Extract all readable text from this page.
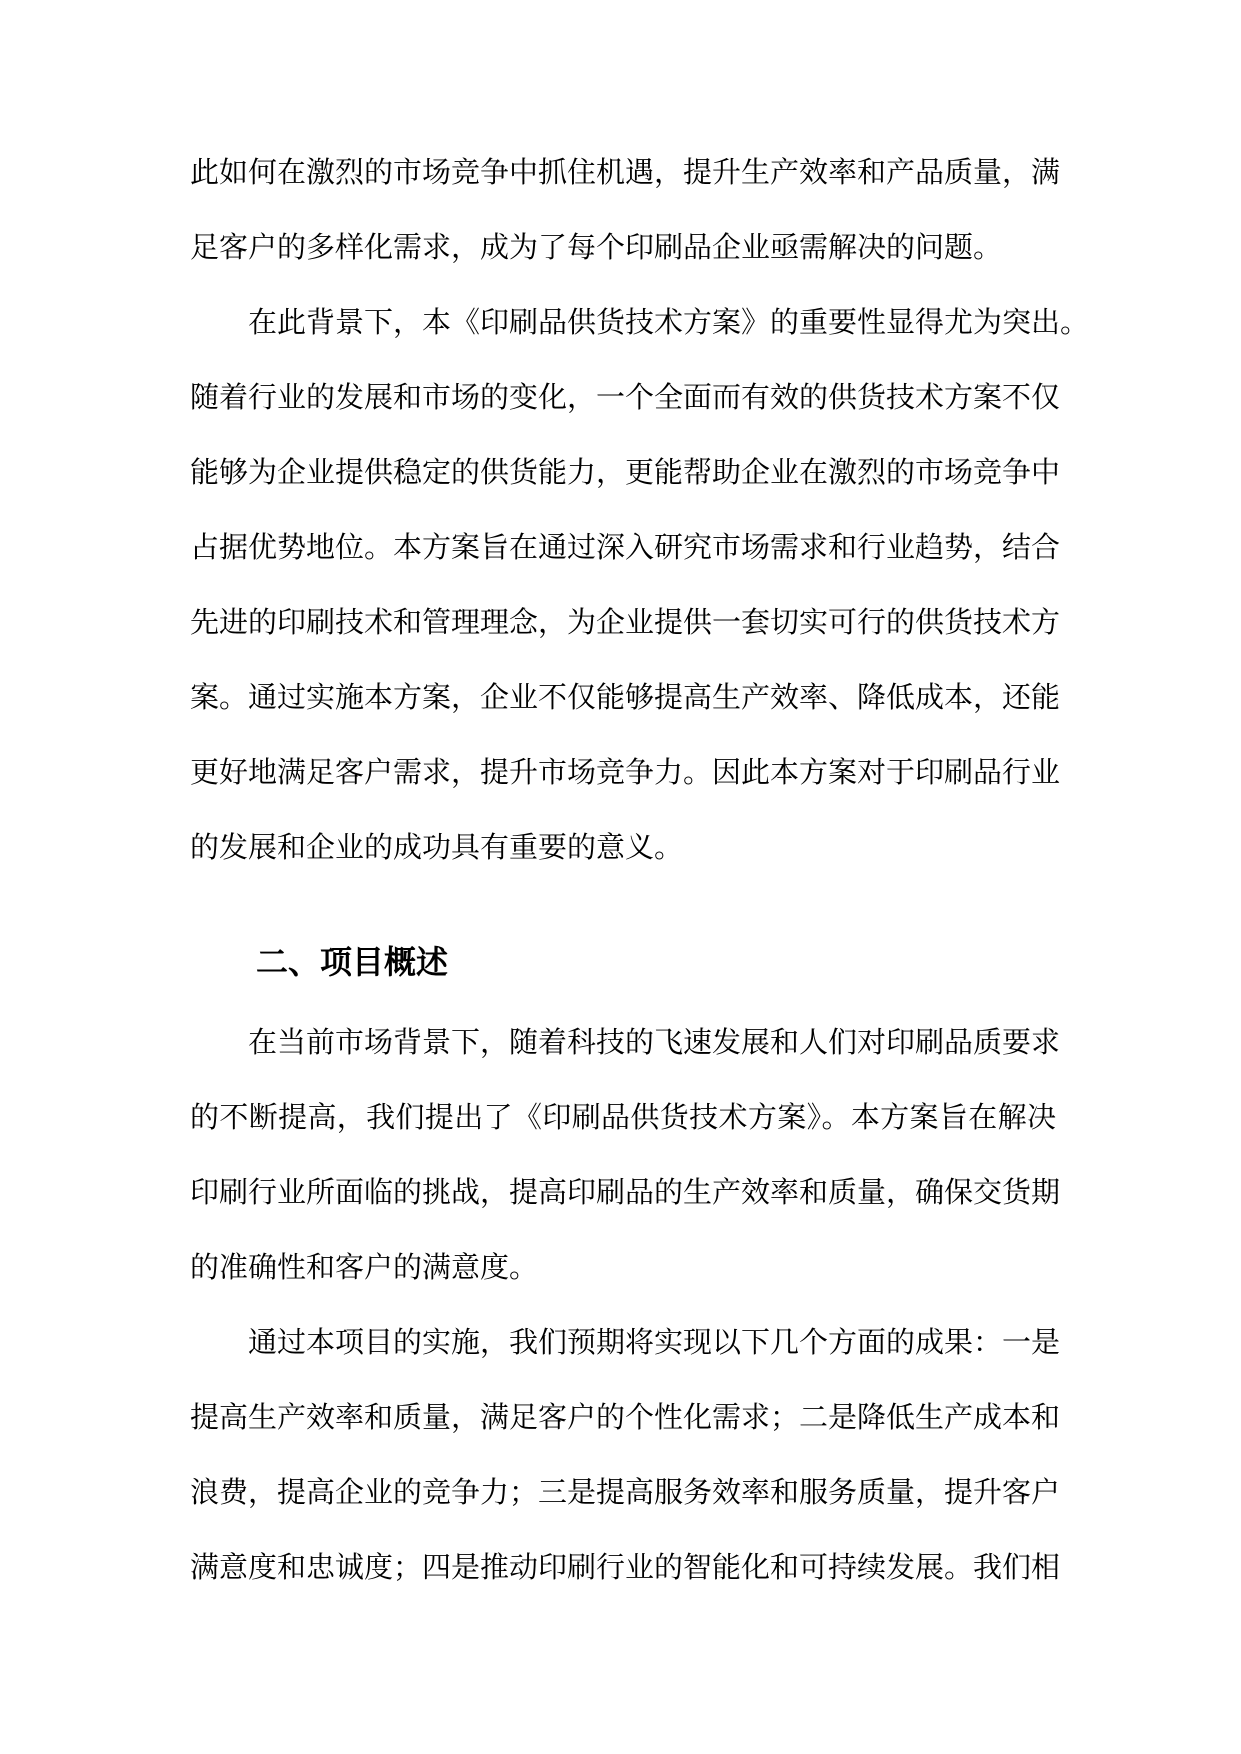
此如何在激烈的市场竞争中抓住机遇，提升生产效率和产品质量，满
足客户的多样化需求，成为了每个印刷品企业亟需解决的问题。
在此背景下，本《印刷品供货技术方案》的重要性显得尤为突出。
随着行业的发展和市场的变化，一个全面而有效的供货技术方案不仅
能够为企业提供稳定的供货能力，更能帮助企业在激烈的市场竞争中
占据优势地位。本方案旨在通过深入研究市场需求和行业趋势，结合
先进的印刷技术和管理理念，为企业提供一套切实可行的供货技术方
案。通过实施本方案，企业不仅能够提高生产效率、降低成本，还能
更好地满足客户需求，提升市场竞争力。因此本方案对于印刷品行业
的发展和企业的成功具有重要的意义。
二、项目概述
在当前市场背景下，随着科技的飞速发展和人们对印刷品质要求
的不断提高，我们提出了《印刷品供货技术方案》。本方案旨在解决
印刷行业所面临的挑战，提高印刷品的生产效率和质量，确保交货期
的准确性和客户的满意度。
通过本项目的实施，我们预期将实现以下几个方面的成果：一是
提高生产效率和质量，满足客户的个性化需求；二是降低生产成本和
浪费，提高企业的竞争力；三是提高服务效率和服务质量，提升客户
满意度和忠诚度；四是推动印刷行业的智能化和可持续发展。我们相
